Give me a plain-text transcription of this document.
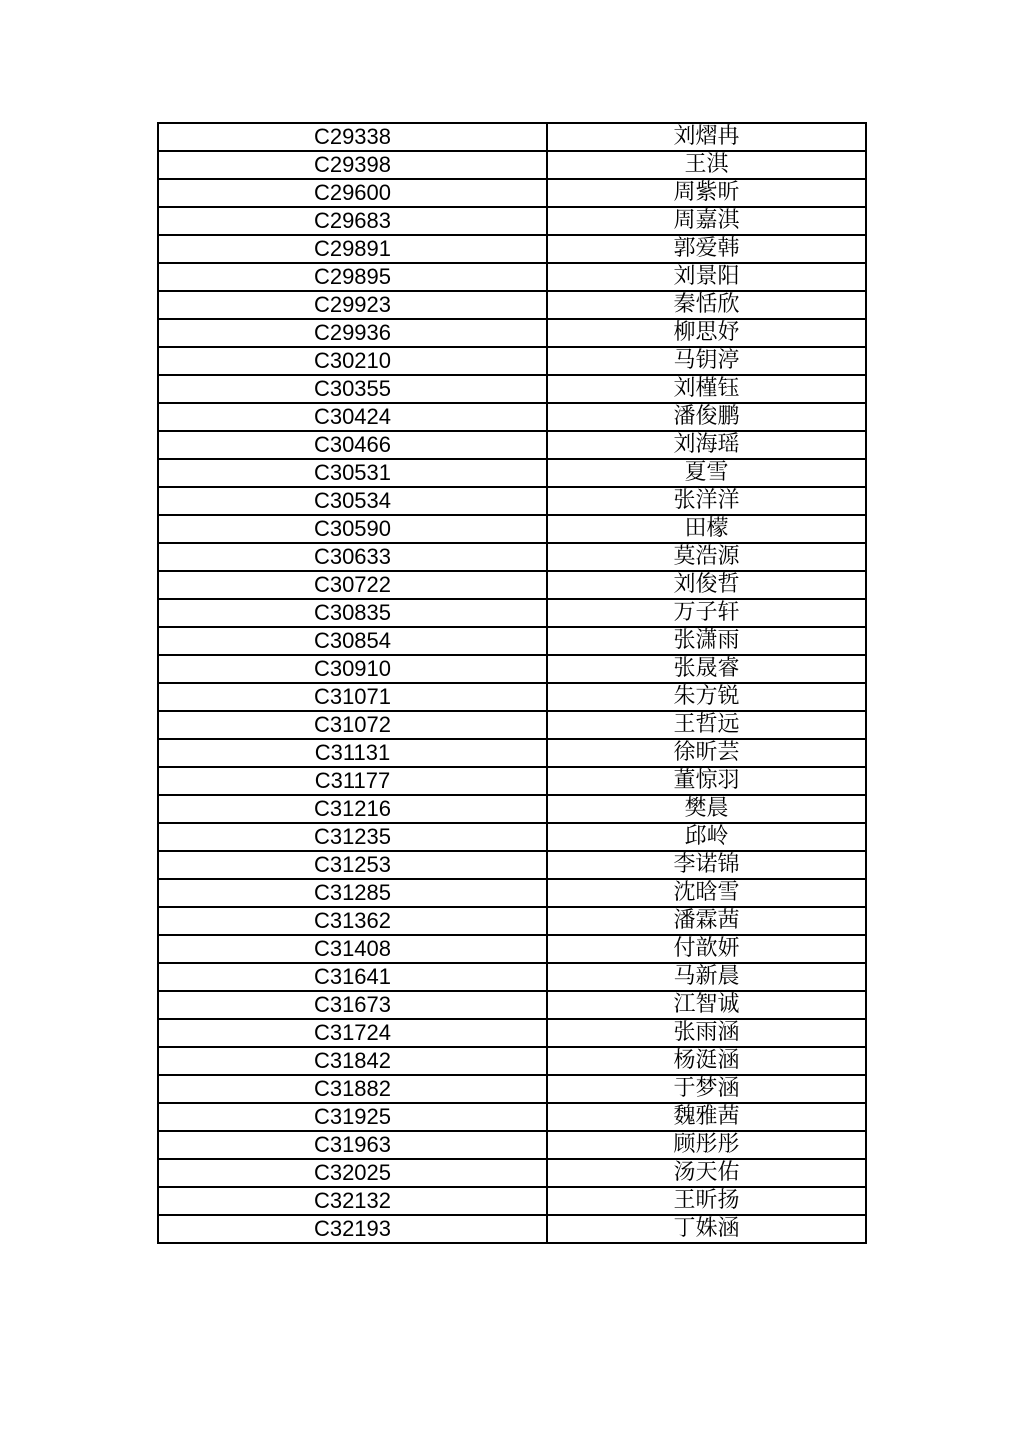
C29338	刘熠冉
C29398	王淇
C29600	周紫昕
C29683	周嘉淇
C29891	郭爱韩
C29895	刘景阳
C29923	秦恬欣
C29936	柳思妤
C30210	马钥渟
C30355	刘槿钰
C30424	潘俊鹏
C30466	刘海瑶
C30531	夏雪
C30534	张洋洋
C30590	田檬
C30633	莫浩源
C30722	刘俊哲
C30835	万子轩
C30854	张潇雨
C30910	张晟睿
C31071	朱方锐
C31072	王哲远
C31131	徐昕芸
C31177	董惊羽
C31216	樊晨
C31235	邱岭
C31253	李诺锦
C31285	沈晗雪
C31362	潘霖茜
C31408	付歆妍
C31641	马新晨
C31673	江智诚
C31724	张雨涵
C31842	杨涏涵
C31882	于梦涵
C31925	魏雅茜
C31963	顾彤彤
C32025	汤天佑
C32132	王昕扬
C32193	丁姝涵
